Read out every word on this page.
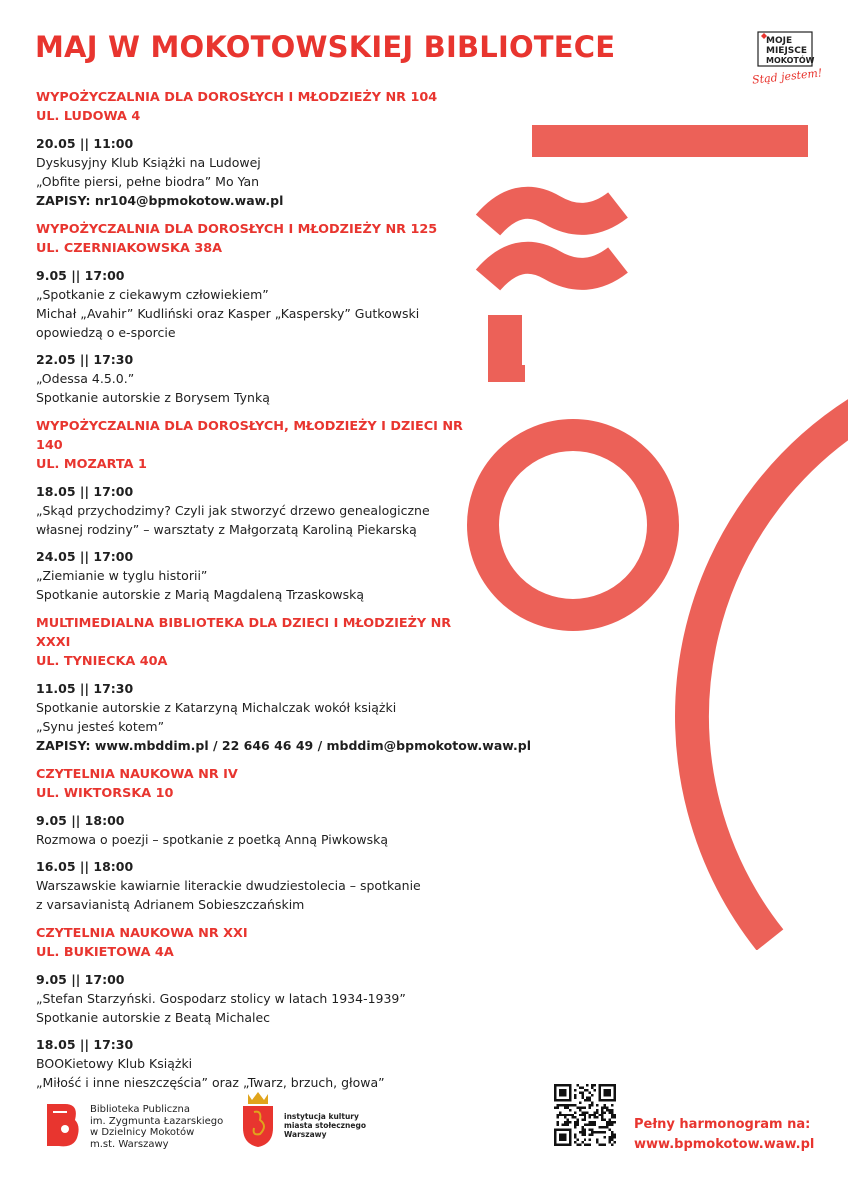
MAJ W MOKOTOWSKIEJ BIBLIOTECE	MOJE
MIEJSCE
MOKOTÓW
Stąd jestem!
WYPOŻYCZALNIA DLA DOROSŁYCH I MŁODZIEŻY NR 104
UL. LUDOWA 4
20.05 || 11:00
Dyskusyjny Klub Książki na Ludowej
„Obfite piersi, pełne biodra” Mo Yan
ZAPISY: nr104@bpmokotow.waw.pl
WYPOŻYCZALNIA DLA DOROSŁYCH I MŁODZIEŻY NR 125
UL. CZERNIAKOWSKA 38A
9.05 || 17:00
„Spotkanie z ciekawym człowiekiem”
Michał „Avahir” Kudliński oraz Kasper „Kaspersky” Gutkowski
opowiedzą o e-sporcie
22.05 || 17:30
„Odessa 4.5.0.”
Spotkanie autorskie z Borysem Tynką
WYPOŻYCZALNIA DLA DOROSŁYCH, MŁODZIEŻY I DZIECI NR 140
UL. MOZARTA 1
18.05 || 17:00
„Skąd przychodzimy? Czyli jak stworzyć drzewo genealogiczne
własnej rodziny” – warsztaty z Małgorzatą Karoliną Piekarską
24.05 || 17:00
„Ziemianie w tyglu historii”
Spotkanie autorskie z Marią Magdaleną Trzaskowską
MULTIMEDIALNA BIBLIOTEKA DLA DZIECI I MŁODZIEŻY NR XXXI
UL. TYNIECKA 40A
11.05 || 17:30
Spotkanie autorskie z Katarzyną Michalczak wokół książki
„Synu jesteś kotem”
ZAPISY: www.mbddim.pl / 22 646 46 49 / mbddim@bpmokotow.waw.pl
CZYTELNIA NAUKOWA NR IV
UL. WIKTORSKA 10
9.05 || 18:00
Rozmowa o poezji – spotkanie z poetką Anną Piwkowską
16.05 || 18:00
Warszawskie kawiarnie literackie dwudziestolecia – spotkanie
z varsavianistą Adrianem Sobieszczańskim
CZYTELNIA NAUKOWA NR XXI
UL. BUKIETOWA 4A
9.05 || 17:00
„Stefan Starzyński. Gospodarz stolicy w latach 1934-1939”
Spotkanie autorskie z Beatą Michalec
18.05 || 17:30
BOOKietowy Klub Książki
„Miłość i inne nieszczęścia” oraz „Twarz, brzuch, głowa”
Biblioteka Publiczna
im. Zygmunta Łazarskiego
w Dzielnicy Mokotów
m.st. Warszawy
instytucja kultury
miasta stołecznego
Warszawy
Pełny harmonogram na:
www.bpmokotow.waw.pl
